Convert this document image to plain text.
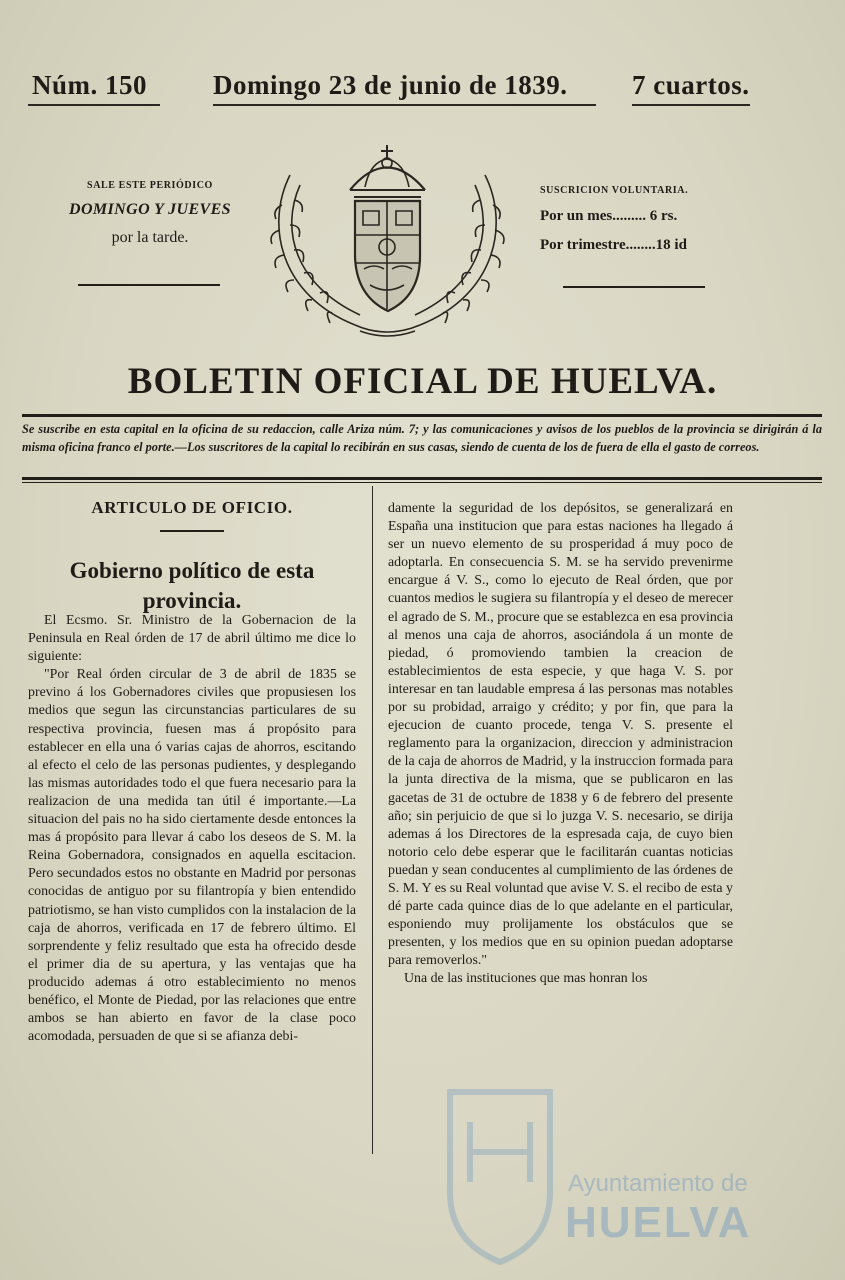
Núm. 150 Domingo 23 de junio de 1839. 7 cuartos.
SALE ESTE PERIÓDICO
DOMINGO Y JUEVES
por la tarde.
SUSCRICION VOLUNTARIA.
Por un mes......... 6 rs.
Por trimestre........18 id
BOLETIN OFICIAL DE HUELVA.
Se suscribe en esta capital en la oficina de su redaccion, calle Ariza núm. 7; y las comunicaciones y avisos de los pueblos de la provincia se dirigirán á la misma oficina franco el porte.—Los suscritores de la capital lo recibirán en sus casas, siendo de cuenta de los de fuera de ella el gasto de correos.
ARTICULO DE OFICIO.
Gobierno político de esta provincia.

El Ecsmo. Sr. Ministro de la Gobernacion de la Peninsula en Real órden de 17 de abril último me dice lo siguiente:

"Por Real órden circular de 3 de abril de 1835 se previno á los Gobernadores civiles que propusiesen los medios que segun las circunstancias particulares de su respectiva provincia, fuesen mas á propósito para establecer en ella una ó varias cajas de ahorros, escitando al efecto el celo de las personas pudientes, y desplegando las mismas autoridades todo el que fuera necesario para la realizacion de una medida tan útil é importante.—La situacion del pais no ha sido ciertamente desde entonces la mas á propósito para llevar á cabo los deseos de S. M. la Reina Gobernadora, consignados en aquella escitacion. Pero secundados estos no obstante en Madrid por personas conocidas de antiguo por su filantropía y bien entendido patriotismo, se han visto cumplidos con la instalacion de la caja de ahorros, verificada en 17 de febrero último. El sorprendente y feliz resultado que esta ha ofrecido desde el primer dia de su apertura, y las ventajas que ha producido ademas á otro establecimiento no menos benéfico, el Monte de Piedad, por las relaciones que entre ambos se han abierto en favor de la clase poco acomodada, persuaden de que si se afianza debi-

damente la seguridad de los depósitos, se generalizará en España una institucion que para estas naciones ha llegado á ser un nuevo elemento de su prosperidad á muy poco de adoptarla. En consecuencia S. M. se ha servido prevenirme encargue á V. S., como lo ejecuto de Real órden, que por cuantos medios le sugiera su filantropía y el deseo de merecer el agrado de S. M., procure que se establezca en esa provincia al menos una caja de ahorros, asociándola á un monte de piedad, ó promoviendo tambien la creacion de establecimientos de esta especie, y que haga V. S. por interesar en tan laudable empresa á las personas mas notables por su probidad, arraigo y crédito; y por fin, que para la ejecucion de cuanto procede, tenga V. S. presente el reglamento para la organizacion, direccion y administracion de la caja de ahorros de Madrid, y la instruccion formada para la junta directiva de la misma, que se publicaron en las gacetas de 31 de octubre de 1838 y 6 de febrero del presente año; sin perjuicio de que si lo juzga V. S. necesario, se dirija ademas á los Directores de la espresada caja, de cuyo bien notorio celo debe esperar que le facilitarán cuantas noticias puedan y sean conducentes al cumplimiento de las órdenes de S. M. Y es su Real voluntad que avise V. S. el recibo de esta y dé parte cada quince dias de lo que adelante en el particular, esponiendo muy prolijamente los obstáculos que se presenten, y los medios que en su opinion puedan adoptarse para removerlos."

Una de las instituciones que mas honran los

Ayuntamiento de
HUELVA
